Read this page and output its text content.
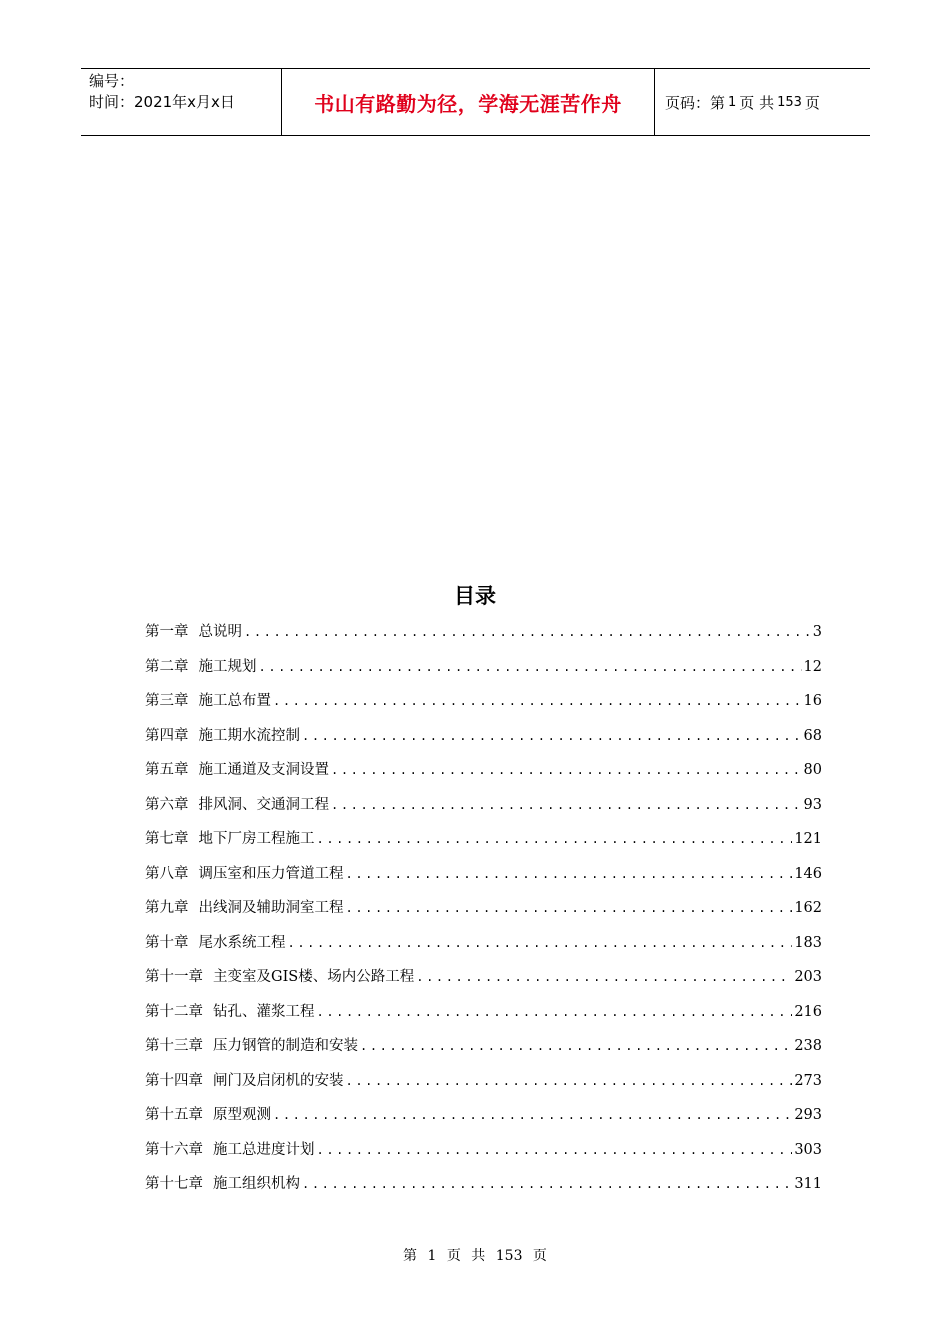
编号：
时间：2021年x月x日	书山有路勤为径，学海无涯苦作舟	页码：第 1 页 共 153 页
目录
第一章 总说明 .....	3
第二章 施工规划 .....	12
第三章 施工总布置 .....	16
第四章 施工期水流控制 .....	68
第五章 施工通道及支洞设置 .....	80
第六章 排风洞、交通洞工程 .....	93
第七章 地下厂房工程施工 .....	121
第八章 调压室和压力管道工程 .....	146
第九章 出线洞及辅助洞室工程 .....	162
第十章 尾水系统工程 .....	183
第十一章 主变室及GIS楼、场内公路工程 .....	203
第十二章 钻孔、灌浆工程 .....	216
第十三章 压力钢管的制造和安装 .....	238
第十四章 闸门及启闭机的安装 .....	273
第十五章 原型观测 .....	293
第十六章 施工总进度计划 .....	303
第十七章 施工组织机构 .....	311
第 1 页 共 153 页
